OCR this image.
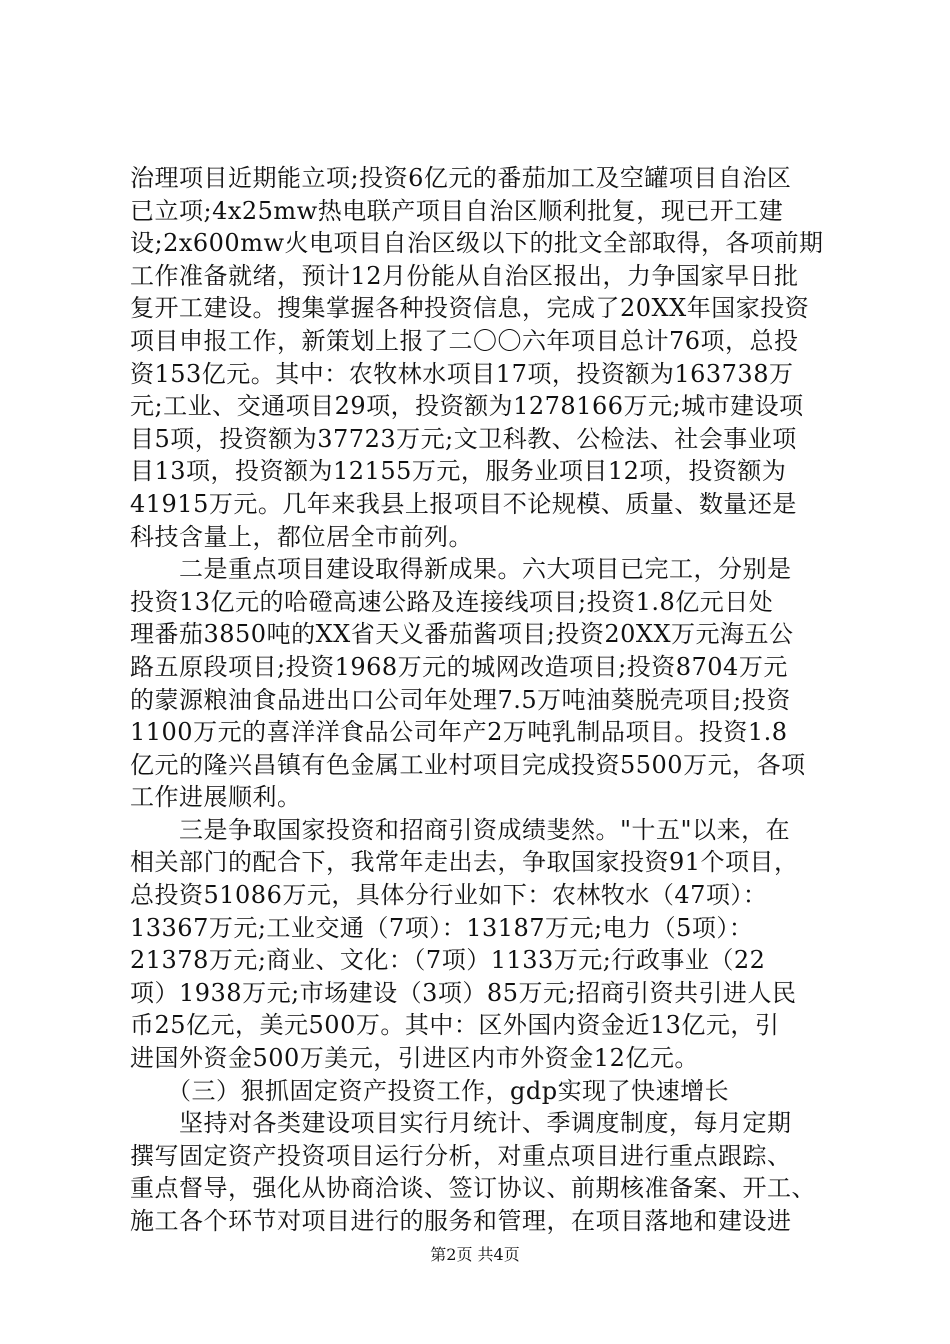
治理项目近期能立项;投资6亿元的番茄加工及空罐项目自治区
已立项;4x25mw热电联产项目自治区顺利批复，现已开工建
设;2x600mw火电项目自治区级以下的批文全部取得，各项前期
工作准备就绪，预计12月份能从自治区报出，力争国家早日批
复开工建设。搜集掌握各种投资信息，完成了20XX年国家投资
项目申报工作，新策划上报了二〇〇六年项目总计76项，总投
资153亿元。其中：农牧林水项目17项，投资额为163738万
元;工业、交通项目29项，投资额为1278166万元;城市建设项
目5项，投资额为37723万元;文卫科教、公检法、社会事业项
目13项，投资额为12155万元，服务业项目12项，投资额为
41915万元。几年来我县上报项目不论规模、质量、数量还是
科技含量上，都位居全市前列。
　　二是重点项目建设取得新成果。六大项目已完工，分别是
投资13亿元的哈磴高速公路及连接线项目;投资1.8亿元日处
理番茄3850吨的XX省天义番茄酱项目;投资20XX万元海五公
路五原段项目;投资1968万元的城网改造项目;投资8704万元
的蒙源粮油食品进出口公司年处理7.5万吨油葵脱壳项目;投资
1100万元的喜洋洋食品公司年产2万吨乳制品项目。投资1.8
亿元的隆兴昌镇有色金属工业村项目完成投资5500万元，各项
工作进展顺利。
　　三是争取国家投资和招商引资成绩斐然。"十五"以来，在
相关部门的配合下，我常年走出去，争取国家投资91个项目，
总投资51086万元，具体分行业如下：农林牧水（47项）：
13367万元;工业交通（7项）：13187万元;电力（5项）：
21378万元;商业、文化：（7项）1133万元;行政事业（22
项）1938万元;市场建设（3项）85万元;招商引资共引进人民
币25亿元，美元500万。其中：区外国内资金近13亿元，引
进国外资金500万美元，引进区内市外资金12亿元。
　　（三）狠抓固定资产投资工作，gdp实现了快速增长
　　坚持对各类建设项目实行月统计、季调度制度，每月定期
撰写固定资产投资项目运行分析，对重点项目进行重点跟踪、
重点督导，强化从协商洽谈、签订协议、前期核准备案、开工、
施工各个环节对项目进行的服务和管理，在项目落地和建设进
第2页 共4页
